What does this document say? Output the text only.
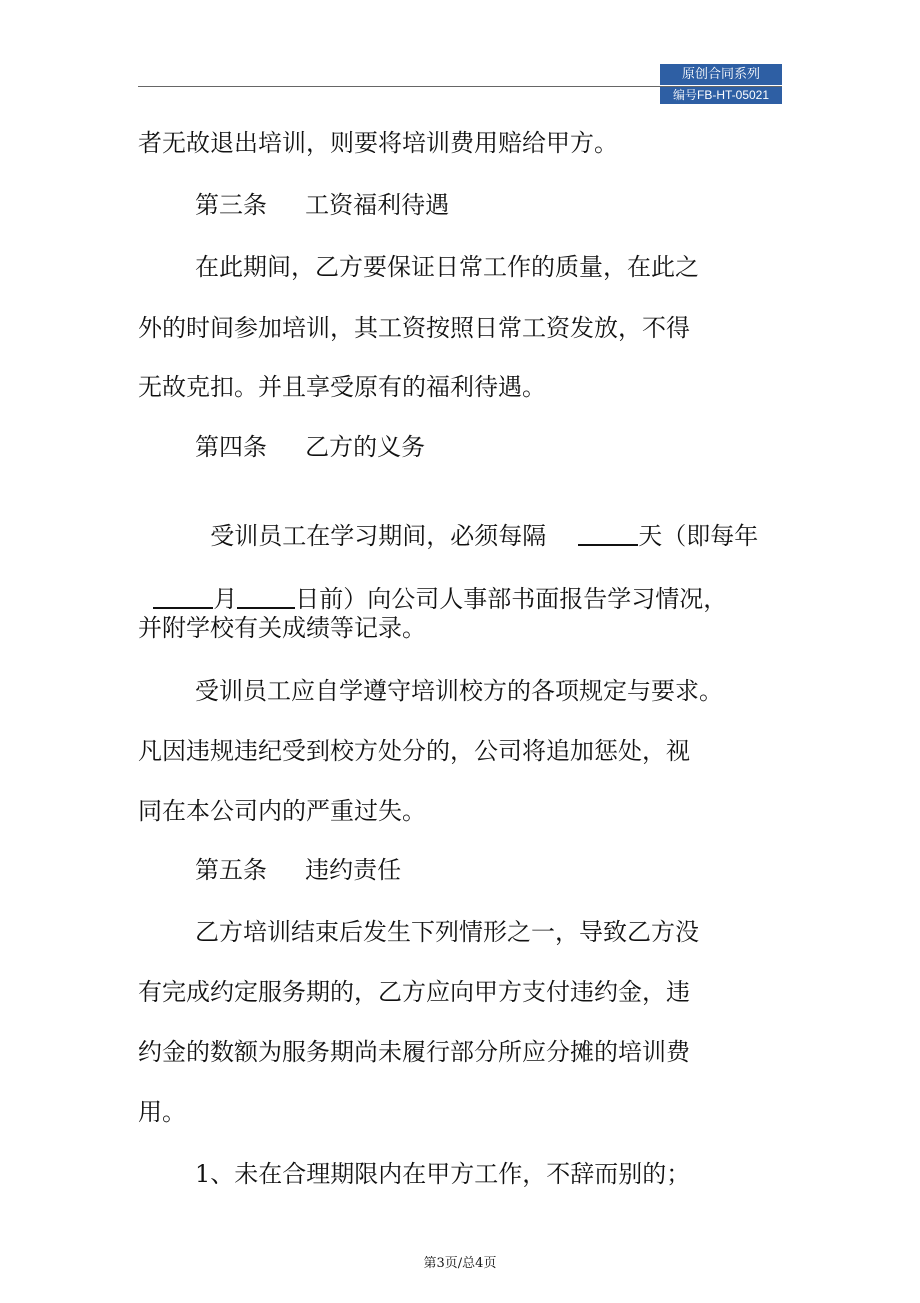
原创合同系列
编号FB-HT-05021
者无故退出培训，则要将培训费用赔给甲方。
第三条     工资福利待遇
在此期间，乙方要保证日常工作的质量，在此之
外的时间参加培训，其工资按照日常工资发放，不得
无故克扣。并且享受原有的福利待遇。
第四条     乙方的义务

受训员工在学习期间，必须每隔	天（即每年

月 日前）向公司人事部书面报告学习情况，

并附学校有关成绩等记录。
受训员工应自学遵守培训校方的各项规定与要求。
凡因违规违纪受到校方处分的，公司将追加惩处，视
同在本公司内的严重过失。
第五条     违约责任
乙方培训结束后发生下列情形之一，导致乙方没
有完成约定服务期的，乙方应向甲方支付违约金，违
约金的数额为服务期尚未履行部分所应分摊的培训费
用。
1、未在合理期限内在甲方工作，不辞而别的；
第3页/总4页
